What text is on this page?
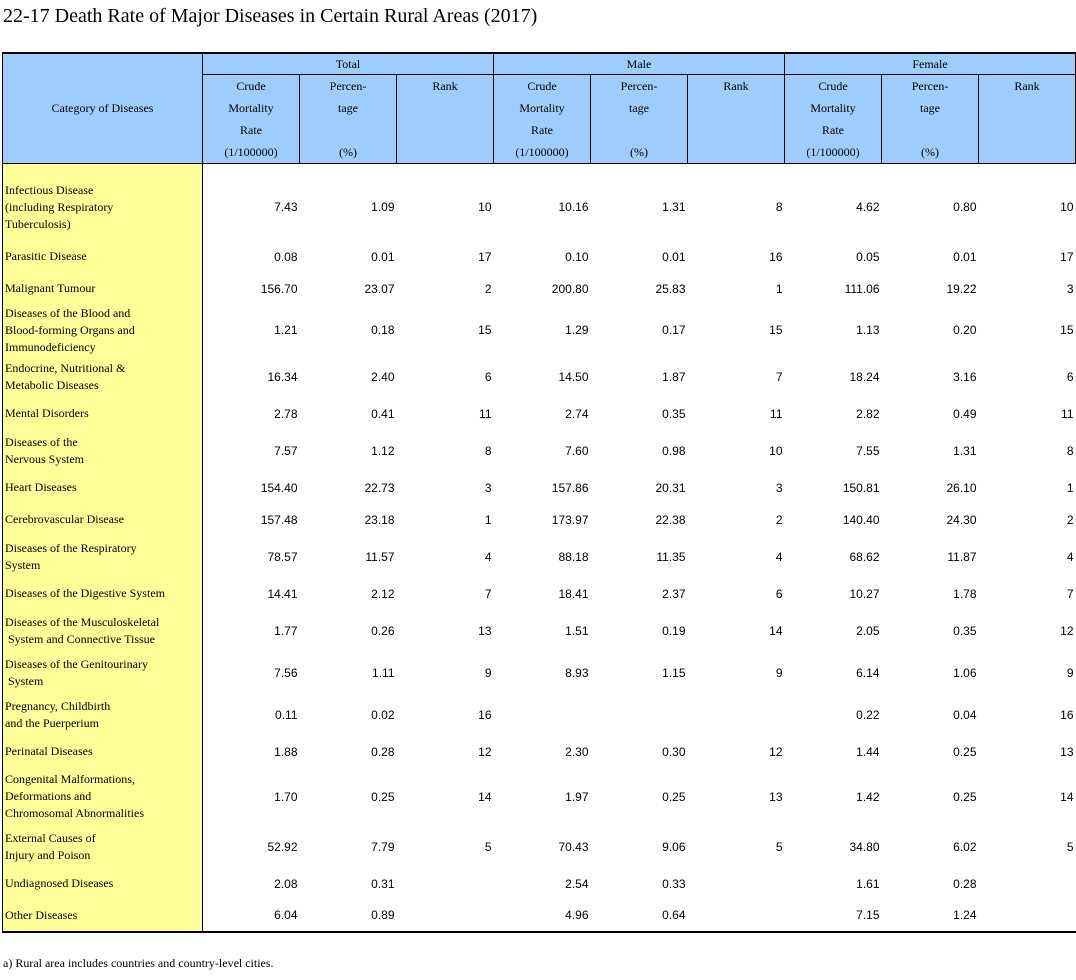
22-17 Death Rate of Major Diseases in Certain Rural Areas (2017)
Category of Diseases	Total			Male			Female		

	Crude
Mortality
Rate
(1/100000)	Percen-
tage
(%)	Rank	Crude
Mortality
Rate
(1/100000)	Percen-
tage
(%)	Rank	Crude
Mortality
Rate
(1/100000)	Percen-
tage
(%)	Rank

Infectious Disease
(including Respiratory
Tuberculosis)	7.43	1.09	10	10.16	1.31	8	4.62	0.80	10
Parasitic Disease	0.08	0.01	17	0.10	0.01	16	0.05	0.01	17
Malignant Tumour	156.70	23.07	2	200.80	25.83	1	111.06	19.22	3
Diseases of the Blood and
Blood-forming Organs and
Immunodeficiency	1.21	0.18	15	1.29	0.17	15	1.13	0.20	15
Endocrine, Nutritional &
Metabolic Diseases	16.34	2.40	6	14.50	1.87	7	18.24	3.16	6
Mental Disorders	2.78	0.41	11	2.74	0.35	11	2.82	0.49	11
Diseases of the
Nervous System	7.57	1.12	8	7.60	0.98	10	7.55	1.31	8
Heart Diseases	154.40	22.73	3	157.86	20.31	3	150.81	26.10	1
Cerebrovascular Disease	157.48	23.18	1	173.97	22.38	2	140.40	24.30	2
Diseases of the Respiratory
System	78.57	11.57	4	88.18	11.35	4	68.62	11.87	4
Diseases of the Digestive System	14.41	2.12	7	18.41	2.37	6	10.27	1.78	7
Diseases of the Musculoskeletal
System and Connective Tissue	1.77	0.26	13	1.51	0.19	14	2.05	0.35	12
Diseases of the Genitourinary
System	7.56	1.11	9	8.93	1.15	9	6.14	1.06	9
Pregnancy, Childbirth
and the Puerperium	0.11	0.02	16				0.22	0.04	16
Perinatal Diseases	1.88	0.28	12	2.30	0.30	12	1.44	0.25	13
Congenital Malformations,
Deformations and
Chromosomal Abnormalities	1.70	0.25	14	1.97	0.25	13	1.42	0.25	14
External Causes of
Injury and Poison	52.92	7.79	5	70.43	9.06	5	34.80	6.02	5
Undiagnosed Diseases	2.08	0.31		2.54	0.33		1.61	0.28	
Other Diseases	6.04	0.89		4.96	0.64		7.15	1.24	
a) Rural area includes countries and country-level cities.
